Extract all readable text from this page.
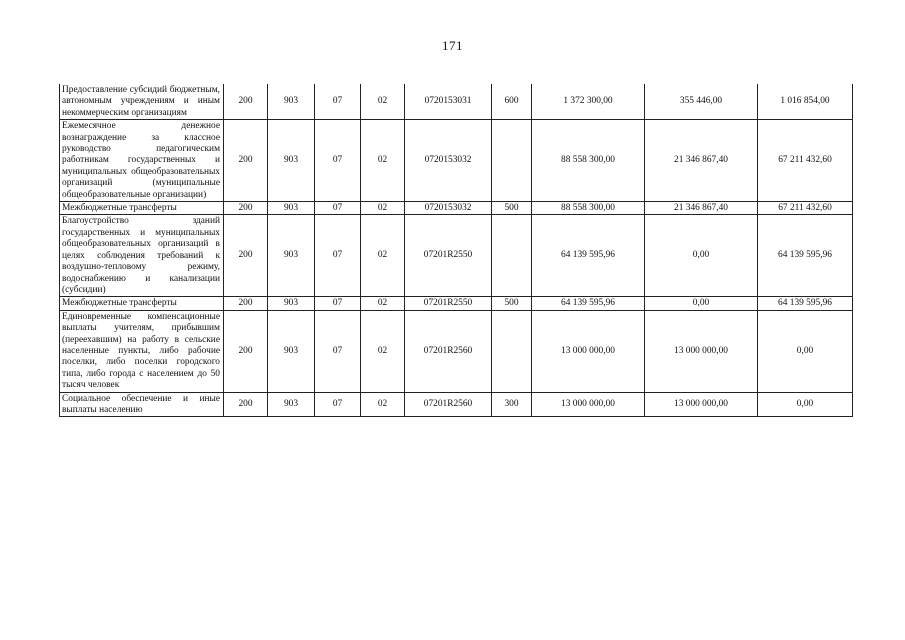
171
Предоставление субсидий бюджетным, автономным учреждениям и иным некоммерческим организациям	200	903	07	02	0720153031	600	1 372 300,00	355 446,00	1 016 854,00
Ежемесячное денежное вознаграждение за классное руководство педагогическим работникам государственных и муниципальных общеобразовательных организаций (муниципальные общеобразовательные организации)	200	903	07	02	0720153032		88 558 300,00	21 346 867,40	67 211 432,60
Межбюджетные трансферты	200	903	07	02	0720153032	500	88 558 300,00	21 346 867,40	67 211 432,60
Благоустройство зданий государственных и муниципальных общеобразовательных организаций в целях соблюдения требований к воздушно-тепловому режиму, водоснабжению и канализации (субсидии)	200	903	07	02	07201R2550		64 139 595,96	0,00	64 139 595,96
Межбюджетные трансферты	200	903	07	02	07201R2550	500	64 139 595,96	0,00	64 139 595,96
Единовременные компенсационные выплаты учителям, прибывшим (переехавшим) на работу в сельские населенные пункты, либо рабочие поселки, либо поселки городского типа, либо города с населением до 50 тысяч человек	200	903	07	02	07201R2560		13 000 000,00	13 000 000,00	0,00
Социальное обеспечение и иные выплаты населению	200	903	07	02	07201R2560	300	13 000 000,00	13 000 000,00	0,00
